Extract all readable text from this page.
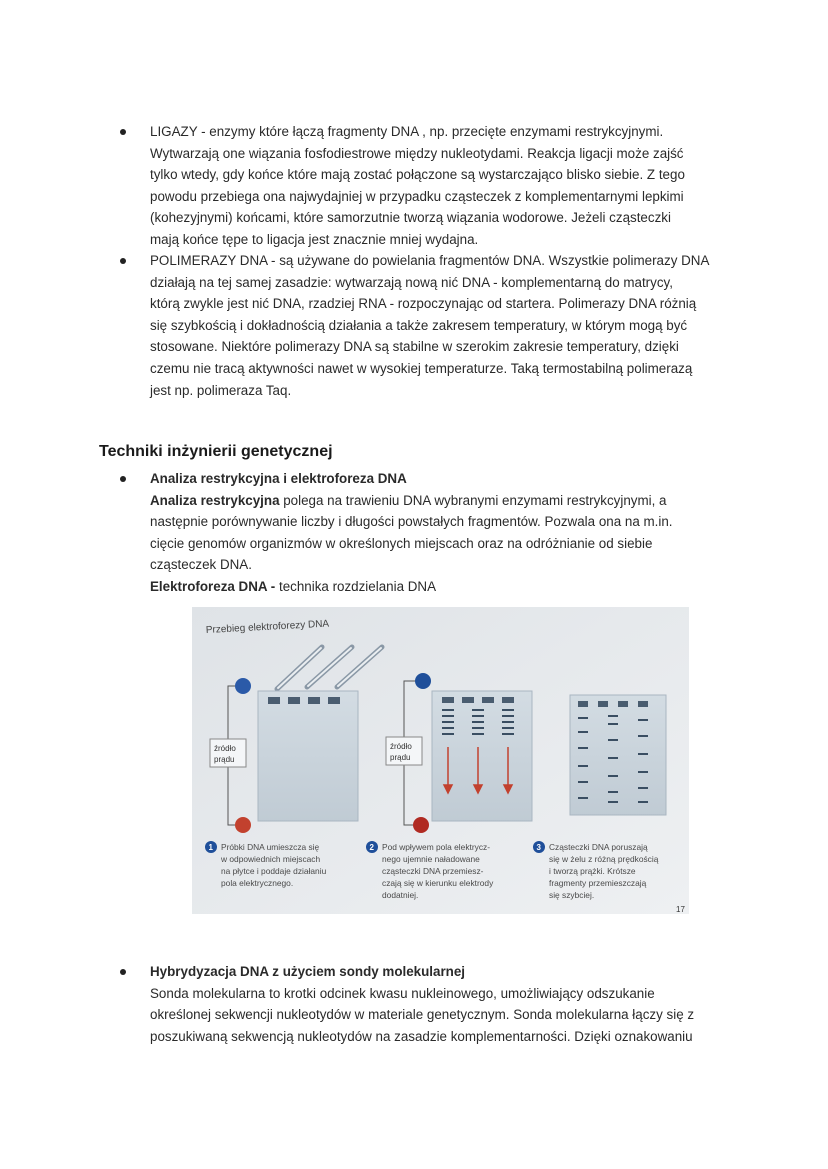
LIGAZY - enzymy które łączą fragmenty DNA , np. przecięte enzymami restrykcyjnymi.
Wytwarzają one wiązania fosfodiestrowe między nukleotydami. Reakcja ligacji może zajść
tylko wtedy, gdy końce które mają zostać połączone są wystarczająco blisko siebie. Z tego
powodu przebiega ona najwydajniej w przypadku cząsteczek z komplementarnymi lepkimi
(kohezyjnymi) końcami, które samorzutnie tworzą wiązania wodorowe. Jeżeli cząsteczki
mają końce tępe to ligacja jest znacznie mniej wydajna.
POLIMERAZY DNA - są używane do powielania fragmentów DNA. Wszystkie polimerazy DNA
działają na tej samej zasadzie: wytwarzają nową nić DNA - komplementarną do matrycy,
którą zwykle jest nić DNA, rzadziej RNA - rozpoczynając od startera. Polimerazy DNA różnią
się szybkością i dokładnością działania a także zakresem temperatury, w którym mogą być
stosowane. Niektóre polimerazy DNA są stabilne w szerokim zakresie temperatury, dzięki
czemu nie tracą aktywności nawet w wysokiej temperaturze. Taką termostabilną polimerazą
jest np. polimeraza Taq.
Techniki inżynierii genetycznej
Analiza restrykcyjna i elektroforeza DNA
Analiza restrykcyjna polega na trawieniu DNA wybranymi enzymami restrykcyjnymi, a
następnie porównywanie liczby i długości powstałych fragmentów. Pozwala ona na m.in.
cięcie genomów organizmów w określonych miejscach oraz na odróżnianie od siebie
cząsteczek DNA.
Elektroforeza DNA - technika rozdzielania DNA
Przebieg elektroforezy DNA
źródło
prądu
źródło
prądu
1 Próbki DNA umieszcza się
w odpowiednich miejscach
na płytce i poddaje działaniu
pola elektrycznego.
2 Pod wpływem pola elektrycz-
nego ujemnie naładowane
cząsteczki DNA przemiesz-
czają się w kierunku elektrody
dodatniej.
3 Cząsteczki DNA poruszają
się w żelu z różną prędkością
i tworzą prążki. Krótsze
fragmenty przemieszczają
się szybciej.
17
Hybrydyzacja DNA z użyciem sondy molekularnej
Sonda molekularna to krotki odcinek kwasu nukleinowego, umożliwiający odszukanie
określonej sekwencji nukleotydów w materiale genetycznym. Sonda molekularna łączy się z
poszukiwaną sekwencją nukleotydów na zasadzie komplementarności. Dzięki oznakowaniu
